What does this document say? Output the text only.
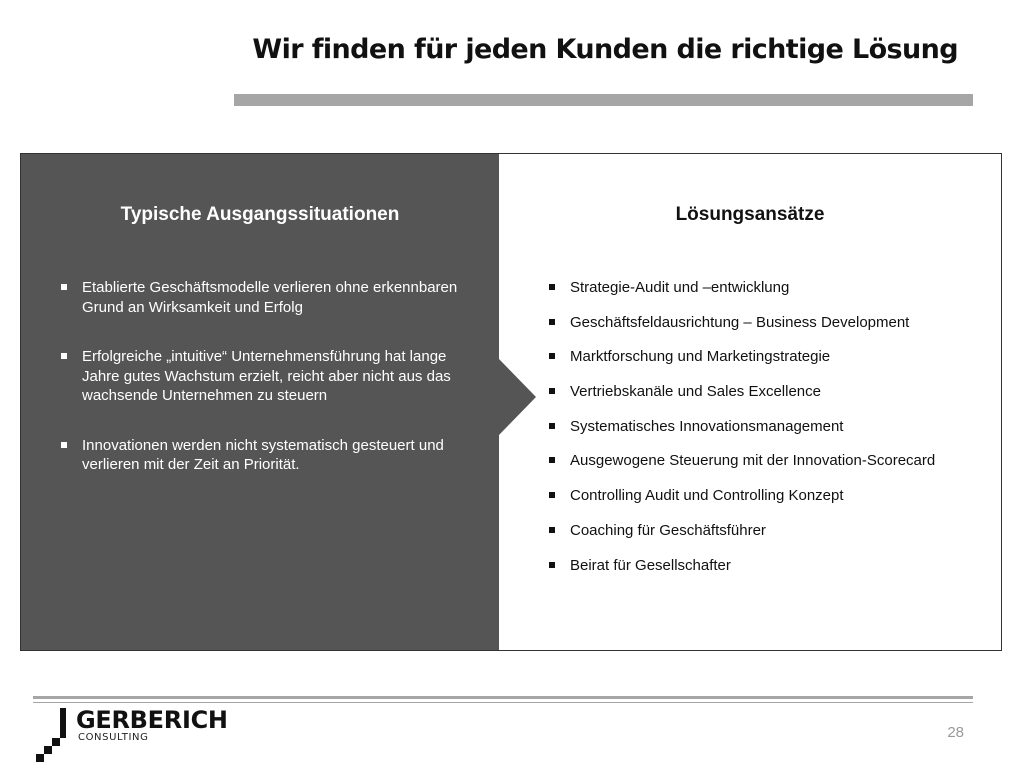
Wir finden für jeden Kunden die richtige Lösung
Typische Ausgangssituationen
Etablierte Geschäftsmodelle verlieren ohne erkennbaren Grund an Wirksamkeit und Erfolg
Erfolgreiche „intuitive“ Unternehmensführung hat lange Jahre gutes Wachstum erzielt, reicht aber nicht aus das wachsende Unternehmen zu steuern
Innovationen werden nicht systematisch gesteuert und verlieren mit der Zeit an Priorität.
Lösungsansätze
Strategie-Audit und –entwicklung
Geschäftsfeldausrichtung – Business Development
Marktforschung und Marketingstrategie
Vertriebskanäle und Sales Excellence
Systematisches Innovationsmanagement
Ausgewogene Steuerung mit der Innovation-Scorecard
Controlling Audit und Controlling Konzept
Coaching für Geschäftsführer
Beirat für Gesellschafter

GERBERICH

CONSULTING	28
